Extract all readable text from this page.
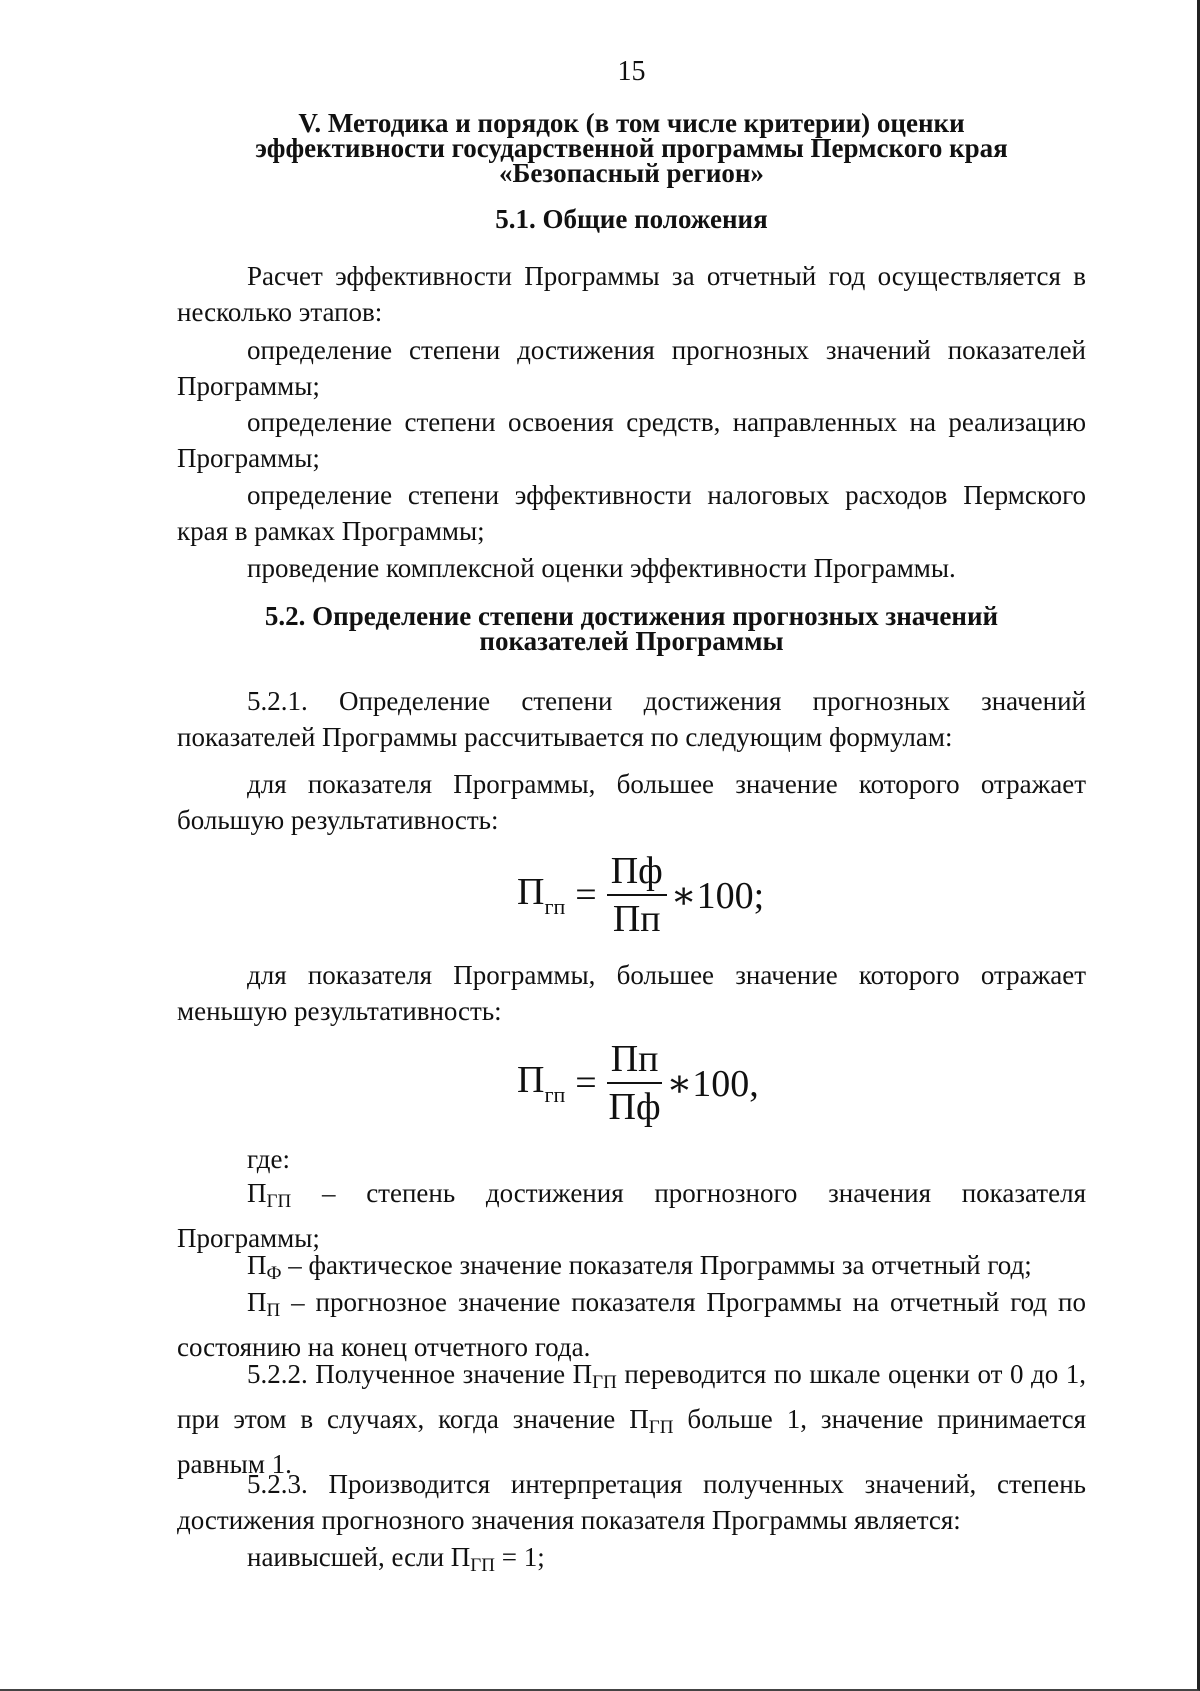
15
V. Методика и порядок (в том числе критерии) оценки
эффективности государственной программы Пермского края
«Безопасный регион»
5.1. Общие положения
Расчет эффективности Программы за отчетный год осуществляется в несколько этапов:
определение степени достижения прогнозных значений показателей Программы;
определение степени освоения средств, направленных на реализацию Программы;
определение степени эффективности налоговых расходов Пермского края в рамках Программы;
проведение комплексной оценки эффективности Программы.
5.2. Определение степени достижения прогнозных значений
показателей Программы
5.2.1. Определение степени достижения прогнозных значений показателей Программы рассчитывается по следующим формулам:
для показателя Программы, большее значение которого отражает большую результативность:
$П_{гп} = \frac{Пф}{Пп}$ ∗100;
для показателя Программы, большее значение которого отражает меньшую результативность:
$П_{гп} = \frac{Пп}{Пф}$ ∗100,
где:
ПГП – степень достижения прогнозного значения показателя Программы;
ПФ – фактическое значение показателя Программы за отчетный год;
ПП – прогнозное значение показателя Программы на отчетный год по состоянию на конец отчетного года.
5.2.2. Полученное значение ПГП переводится по шкале оценки от 0 до 1, при этом в случаях, когда значение ПГП больше 1, значение принимается равным 1.
5.2.3. Производится интерпретация полученных значений, степень достижения прогнозного значения показателя Программы является:
наивысшей, если ПГП = 1;
